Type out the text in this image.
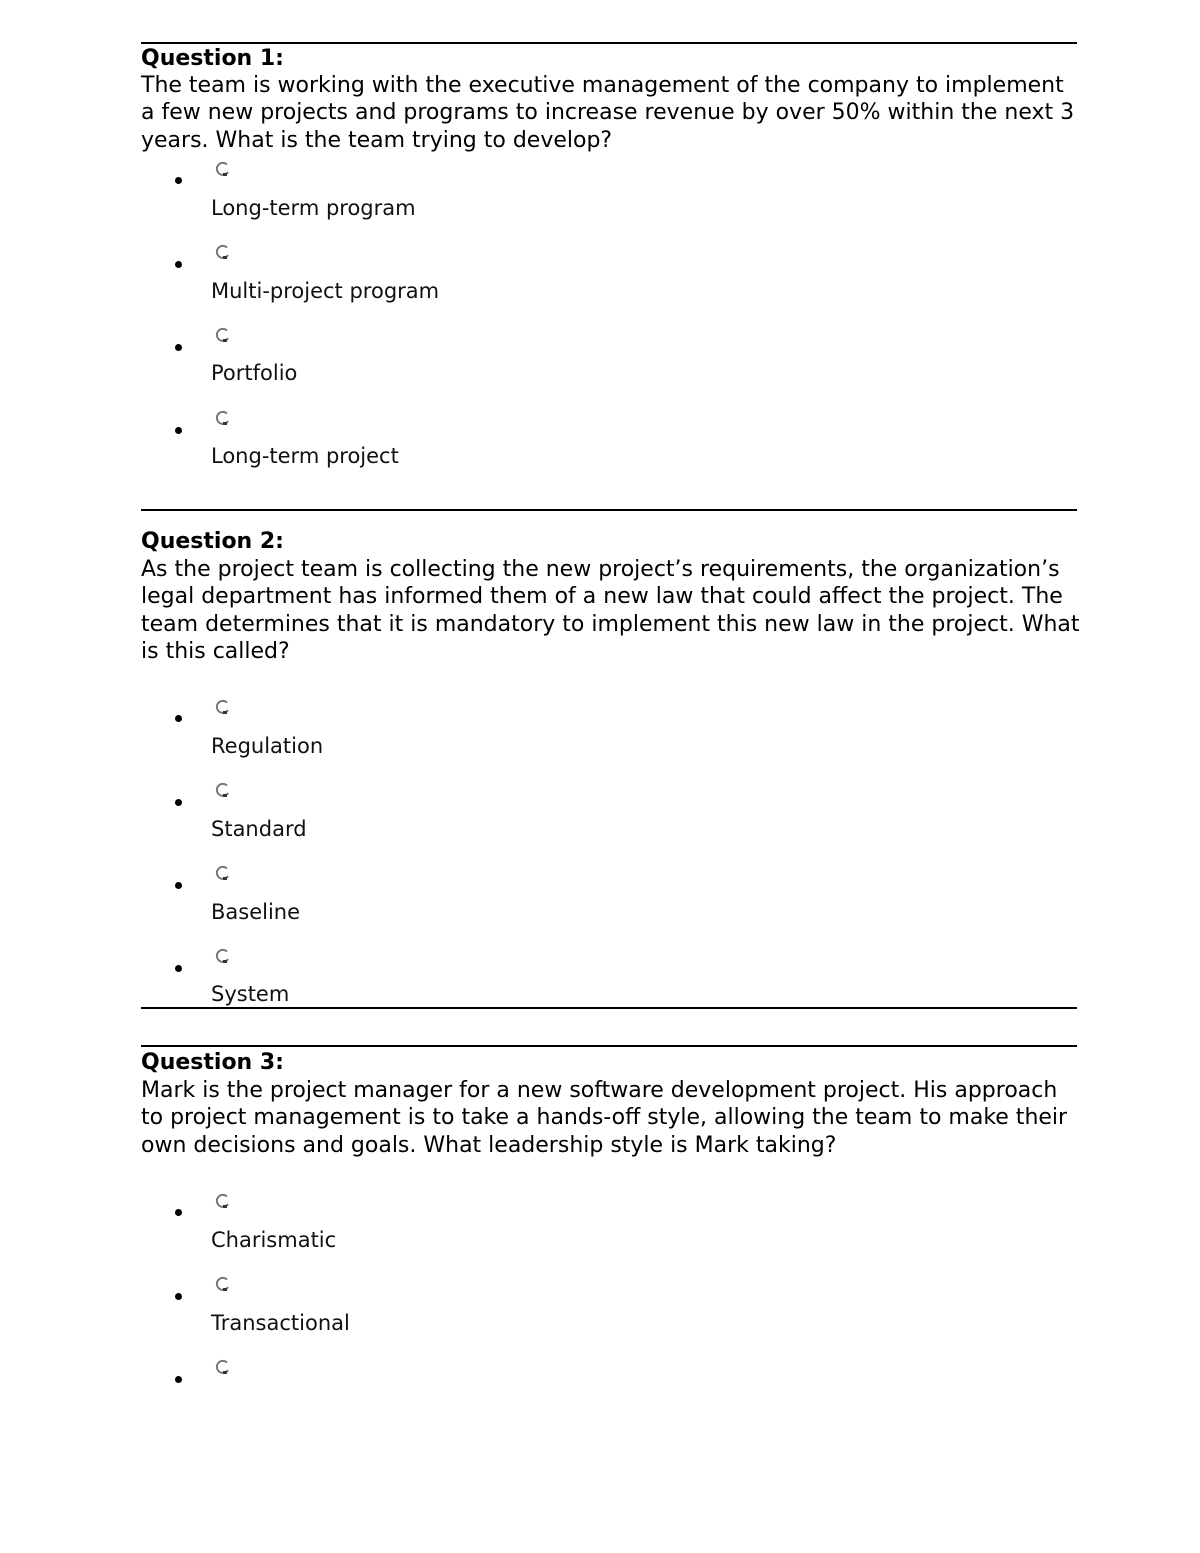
Question 1:

The team is working with the executive management of the company to implement a few new projects and programs to increase revenue by over 50% within the next 3 years. What is the team trying to develop?

Long-term program
Multi-project program
Portfolio
Long-term project
Question 2:

As the project team is collecting the new project’s requirements, the organization’s legal department has informed them of a new law that could affect the project. The team determines that it is mandatory to implement this new law in the project. What is this called?

Regulation
Standard
Baseline
System
Question 3:

Mark is the project manager for a new software development project. His approach to project management is to take a hands-off style, allowing the team to make their own decisions and goals. What leadership style is Mark taking?

Charismatic
Transactional
